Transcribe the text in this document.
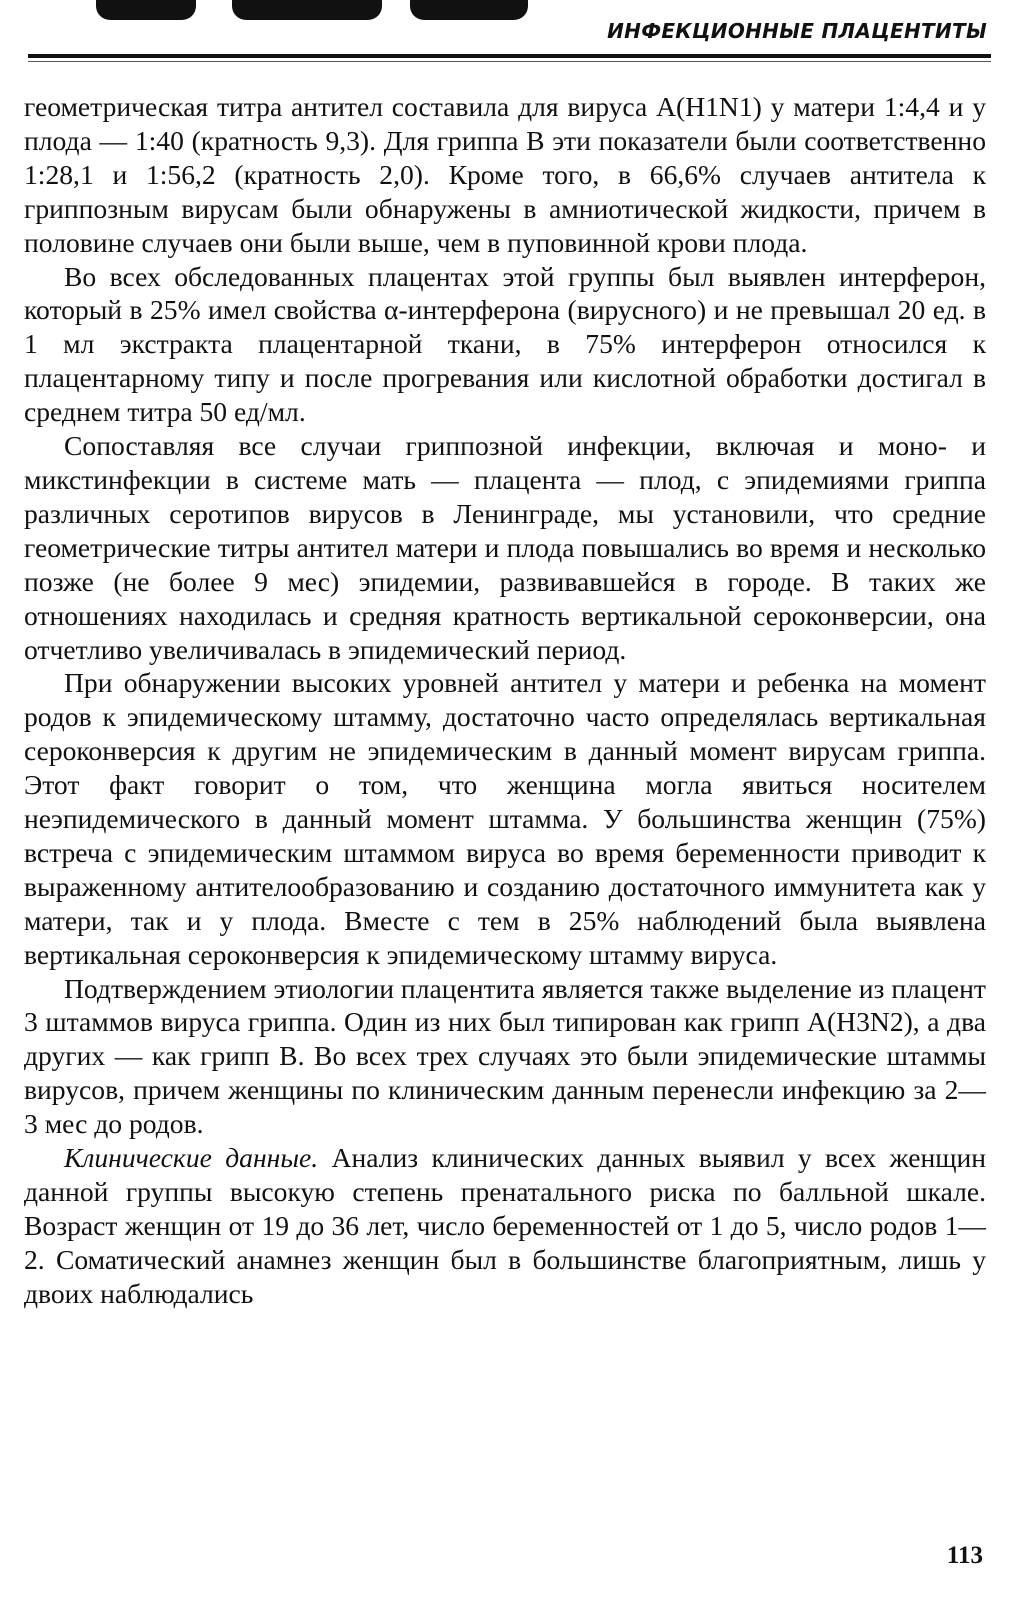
ИНФЕКЦИОННЫЕ ПЛАЦЕНТИТЫ

геометрическая титра антител составила для вируса A(H1N1) у матери 1:4,4 и у плода — 1:40 (кратность 9,3). Для гриппа B эти показатели были соответственно 1:28,1 и 1:56,2 (кратность 2,0). Кроме того, в 66,6% случаев антитела к гриппозным вирусам были обнаружены в амниотической жидкости, причем в половине случаев они были выше, чем в пуповинной крови плода.

Во всех обследованных плацентах этой группы был выявлен интерферон, который в 25% имел свойства α-интерферона (вирусного) и не превышал 20 ед. в 1 мл экстракта плацентарной ткани, в 75% интерферон относился к плацентарному типу и после прогревания или кислотной обработки достигал в среднем титра 50 ед/мл.

Сопоставляя все случаи гриппозной инфекции, включая и моно- и микстинфекции в системе мать — плацента — плод, с эпидемиями гриппа различных серотипов вирусов в Ленинграде, мы установили, что средние геометрические титры антител матери и плода повышались во время и несколько позже (не более 9 мес) эпидемии, развивавшейся в городе. В таких же отношениях находилась и средняя кратность вертикальной сероконверсии, она отчетливо увеличивалась в эпидемический период.

При обнаружении высоких уровней антител у матери и ребенка на момент родов к эпидемическому штамму, достаточно часто определялась вертикальная сероконверсия к другим не эпидемическим в данный момент вирусам гриппа. Этот факт говорит о том, что женщина могла явиться носителем неэпидемического в данный момент штамма. У большинства женщин (75%) встреча с эпидемическим штаммом вируса во время беременности приводит к выраженному антителообразованию и созданию достаточного иммунитета как у матери, так и у плода. Вместе с тем в 25% наблюдений была выявлена вертикальная сероконверсия к эпидемическому штамму вируса.

Подтверждением этиологии плацентита является также выделение из плацент 3 штаммов вируса гриппа. Один из них был типирован как грипп A(H3N2), а два других — как грипп B. Во всех трех случаях это были эпидемические штаммы вирусов, причем женщины по клиническим данным перенесли инфекцию за 2—3 мес до родов.

Клинические данные. Анализ клинических данных выявил у всех женщин данной группы высокую степень пренатального риска по балльной шкале. Возраст женщин от 19 до 36 лет, число беременностей от 1 до 5, число родов 1—2. Соматический анамнез женщин был в большинстве благоприятным, лишь у двоих наблюдались

113
